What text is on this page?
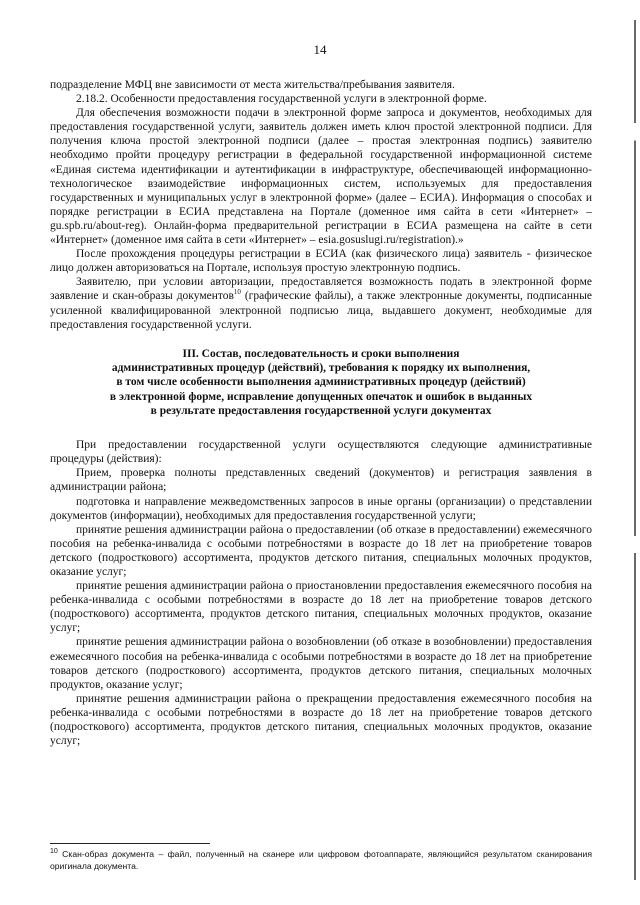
14

подразделение МФЦ вне зависимости от места жительства/пребывания заявителя.

2.18.2. Особенности предоставления государственной услуги в электронной форме.

Для обеспечения возможности подачи в электронной форме запроса и документов, необходимых для предоставления государственной услуги, заявитель должен иметь ключ простой электронной подписи. Для получения ключа простой электронной подписи (далее – простая электронная подпись) заявителю необходимо пройти процедуру регистрации в федеральной государственной информационной системе «Единая система идентификации и аутентификации в инфраструктуре, обеспечивающей информационно-технологическое взаимодействие информационных систем, используемых для предоставления государственных и муниципальных услуг в электронной форме» (далее – ЕСИА). Информация о способах и порядке регистрации в ЕСИА представлена на Портале (доменное имя сайта в сети «Интернет» – gu.spb.ru/about-reg). Онлайн-форма предварительной регистрации в ЕСИА размещена на сайте в сети «Интернет» (доменное имя сайта в сети «Интернет» – esia.gosuslugi.ru/registration).»

После прохождения процедуры регистрации в ЕСИА (как физического лица) заявитель - физическое лицо должен авторизоваться на Портале, используя простую электронную подпись.

Заявителю, при условии авторизации, предоставляется возможность подать в электронной форме заявление и скан-образы документов$^{10}$ (графические файлы), а также электронные документы, подписанные усиленной квалифицированной электронной подписью лица, выдавшего документ, необходимые для предоставления государственной услуги.

III. Состав, последовательность и сроки выполнения
административных процедур (действий), требования к порядку их выполнения,
в том числе особенности выполнения административных процедур (действий)
в электронной форме, исправление допущенных опечаток и ошибок в выданных
в результате предоставления государственной услуги документах

При предоставлении государственной услуги осуществляются следующие административные процедуры (действия):

Прием, проверка полноты представленных сведений (документов) и регистрация заявления в администрации района;

подготовка и направление межведомственных запросов в иные органы (организации) о представлении документов (информации), необходимых для предоставления государственной услуги;

принятие решения администрации района о предоставлении (об отказе в предоставлении) ежемесячного пособия на ребенка-инвалида с особыми потребностями в возрасте до 18 лет на приобретение товаров детского (подросткового) ассортимента, продуктов детского питания, специальных молочных продуктов, оказание услуг;

принятие решения администрации района о приостановлении предоставления ежемесячного пособия на ребенка-инвалида с особыми потребностями в возрасте до 18 лет на приобретение товаров детского (подросткового) ассортимента, продуктов детского питания, специальных молочных продуктов, оказание услуг;

принятие решения администрации района о возобновлении (об отказе в возобновлении) предоставления ежемесячного пособия на ребенка-инвалида с особыми потребностями в возрасте до 18 лет на приобретение товаров детского (подросткового) ассортимента, продуктов детского питания, специальных молочных продуктов, оказание услуг;

принятие решения администрации района о прекращении предоставления ежемесячного пособия на ребенка-инвалида с особыми потребностями в возрасте до 18 лет на приобретение товаров детского (подросткового) ассортимента, продуктов детского питания, специальных молочных продуктов, оказание услуг;

$^{10}$ Скан-образ документа – файл, полученный на сканере или цифровом фотоаппарате, являющийся результатом сканирования оригинала документа.
